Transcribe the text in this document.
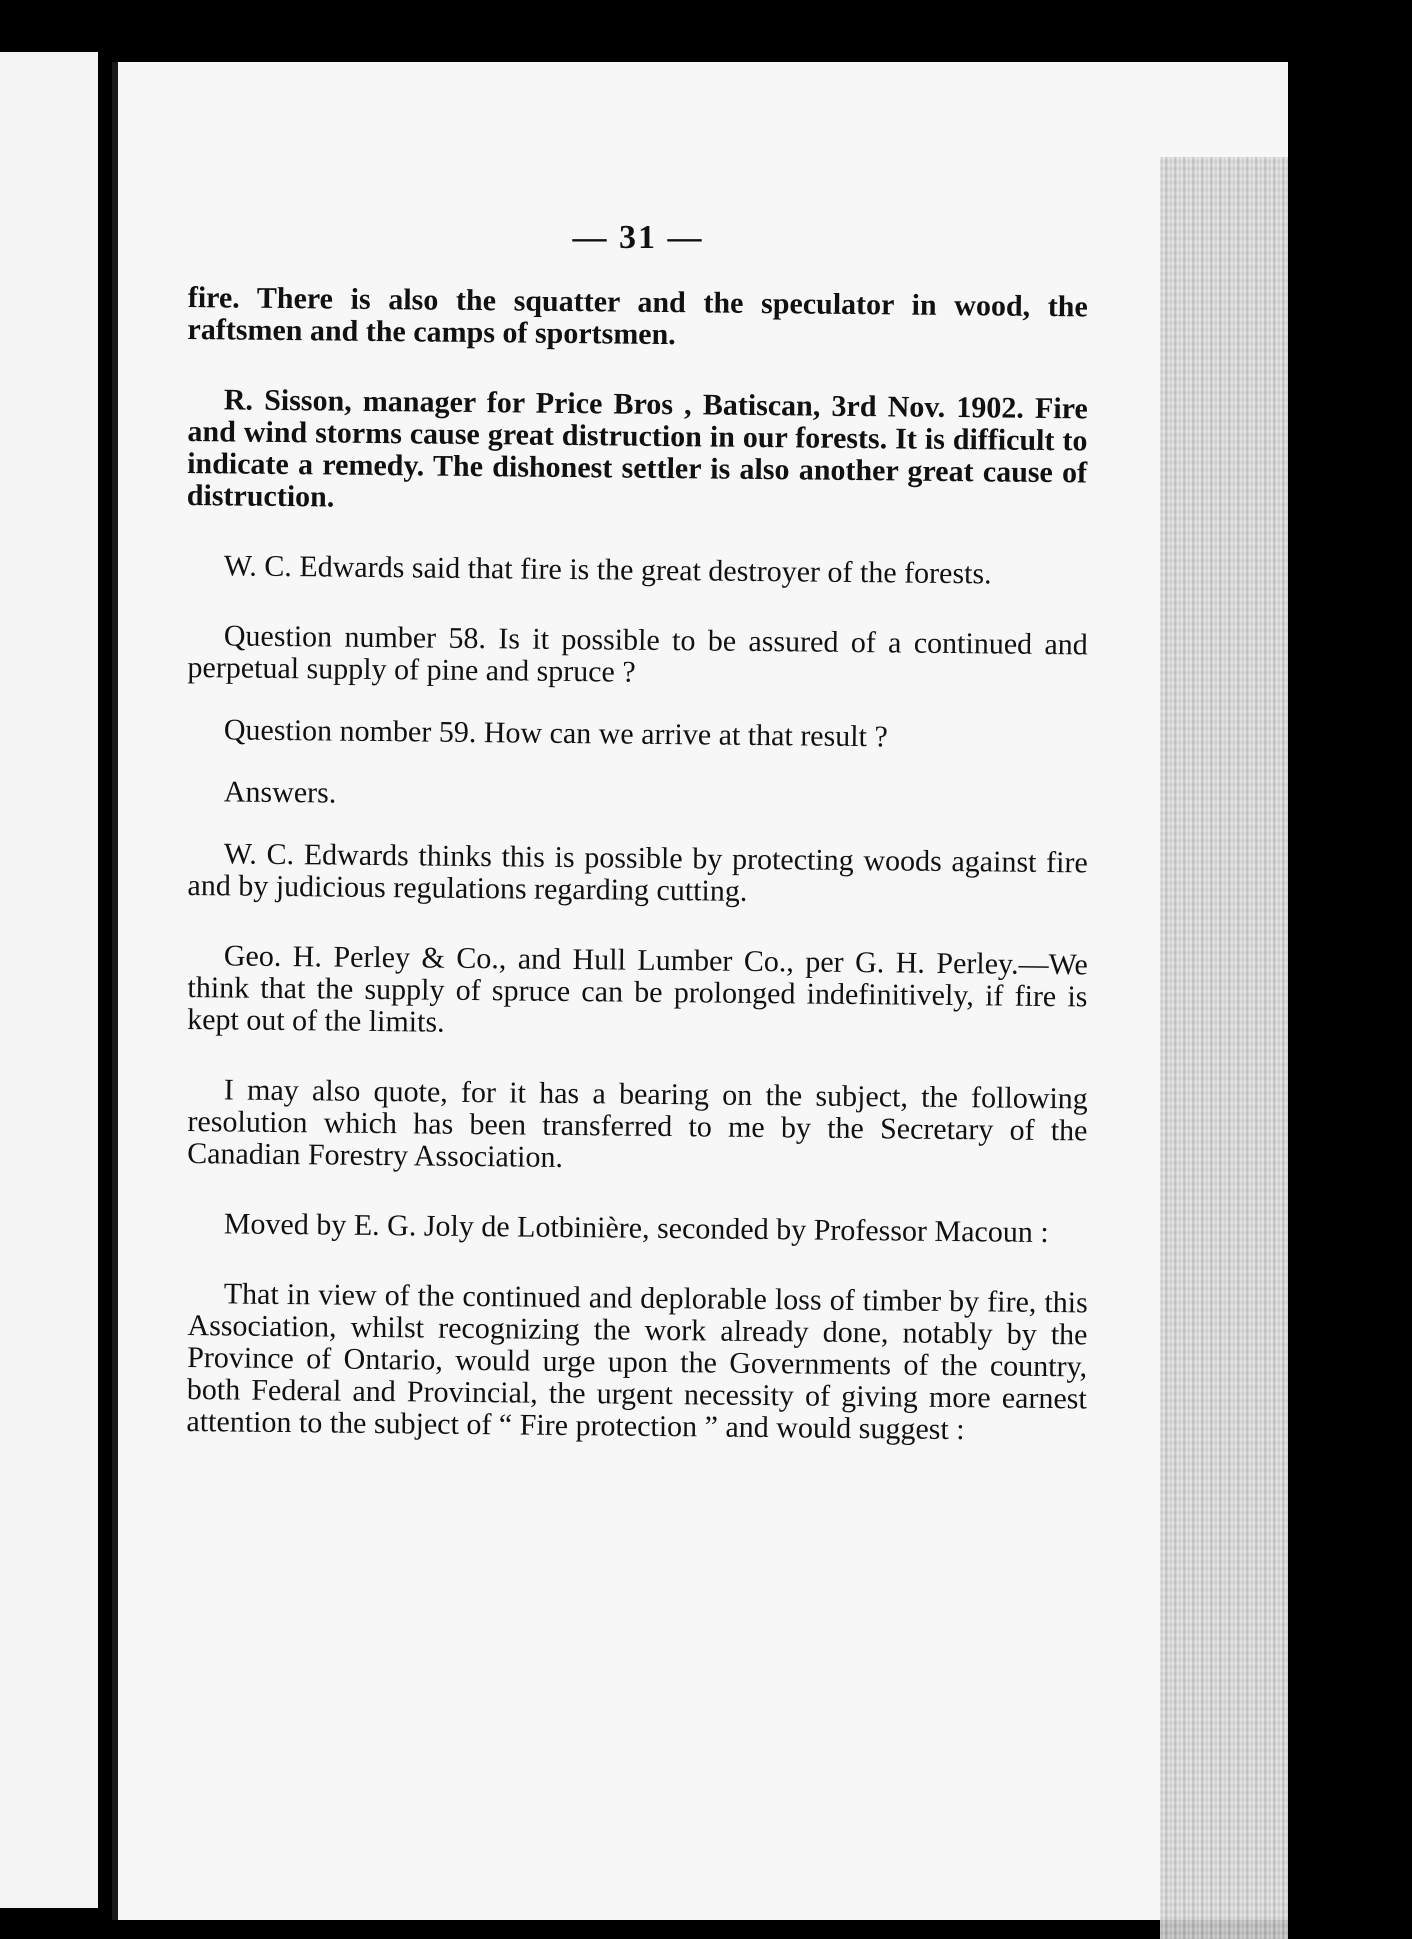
— 31 —

fire. There is also the squatter and the speculator in wood, the raftsmen and the camps of sportsmen.

R. Sisson, manager for Price Bros , Batiscan, 3rd Nov. 1902. Fire and wind storms cause great distruction in our forests. It is difficult to indicate a remedy. The dishonest settler is also another great cause of distruction.

W. C. Edwards said that fire is the great destroyer of the forests.

Question number 58. Is it possible to be assured of a continued and perpetual supply of pine and spruce ?

Question nomber 59. How can we arrive at that result ?

Answers.

W. C. Edwards thinks this is possible by protecting woods against fire and by judicious regulations regarding cutting.

Geo. H. Perley & Co., and Hull Lumber Co., per G. H. Perley.—We think that the supply of spruce can be prolonged indefinitively, if fire is kept out of the limits.

I may also quote, for it has a bearing on the subject, the following resolution which has been transferred to me by the Secretary of the Canadian Forestry Association.

Moved by E. G. Joly de Lotbinière, seconded by Professor Macoun :

That in view of the continued and deplorable loss of timber by fire, this Association, whilst recognizing the work already done, notably by the Province of Ontario, would urge upon the Governments of the country, both Federal and Provincial, the urgent necessity of giving more earnest attention to the subject of “ Fire protection ” and would suggest :
